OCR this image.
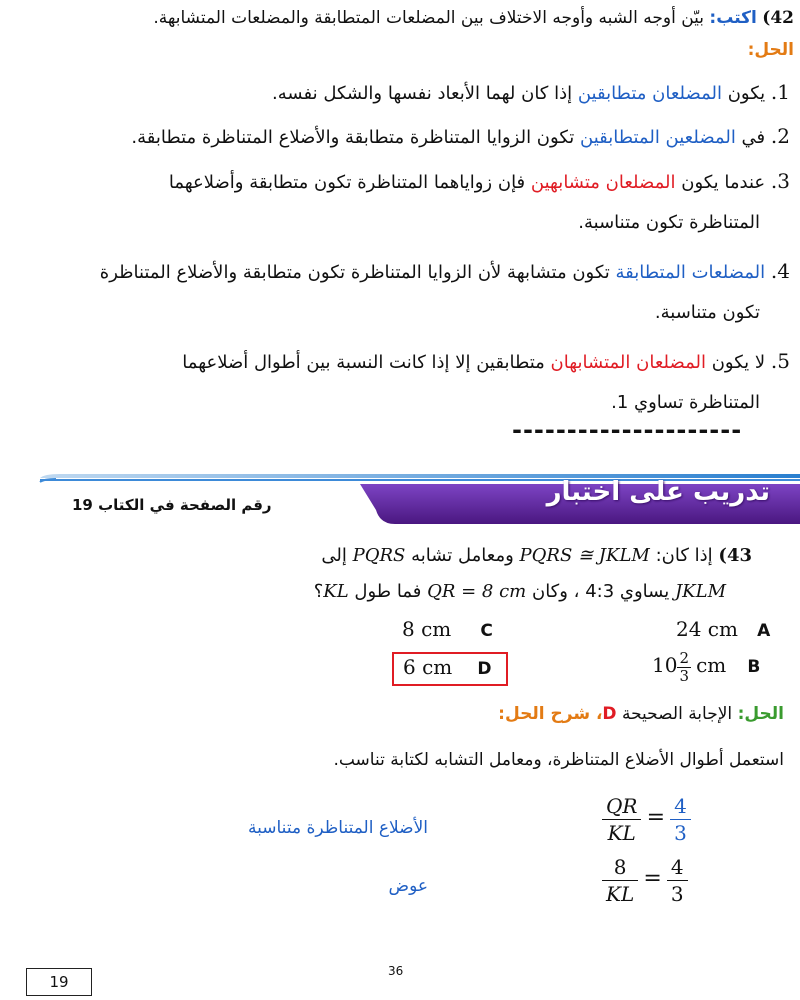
42) اكتب: بيّن أوجه الشبه وأوجه الاختلاف بين المضلعات المتطابقة والمضلعات المتشابهة.
الحل:
1. يكون المضلعان متطابقين إذا كان لهما الأبعاد نفسها والشكل نفسه.
2. في المضلعين المتطابقين تكون الزوايا المتناظرة متطابقة والأضلاع المتناظرة متطابقة.
3. عندما يكون المضلعان متشابهين فإن زواياهما المتناظرة تكون متطابقة وأضلاعهما
المتناظرة تكون متناسبة.
4. المضلعات المتطابقة تكون متشابهة لأن الزوايا المتناظرة تكون متطابقة والأضلاع المتناظرة
تكون متناسبة.
5. لا يكون المضلعان المتشابهان متطابقين إلا إذا كانت النسبة بين أطوال أضلاعهما
المتناظرة تساوي 1.
---------------------
تدريب على اختبار
رقم الصفحة في الكتاب 19
43) إذا كان: PQRS ≅ JKLM ومعامل تشابه PQRS إلى
JKLM يساوي 4:3 ، وكان QR = 8 cm فما طول KL؟
24 cm A
8 cm C
$10 \frac{2}{3}$ cm B
6 cm D
الحل: الإجابة الصحيحة D، شرح الحل:
استعمل أطوال الأضلاع المتناظرة، ومعامل التشابه لكتابة تناسب.
الأضلاع المتناظرة متناسبة	$\frac{QR}{KL} = \frac{4}{3}$
عوض	$\frac{8}{KL} = \frac{4}{3}$
36
19
